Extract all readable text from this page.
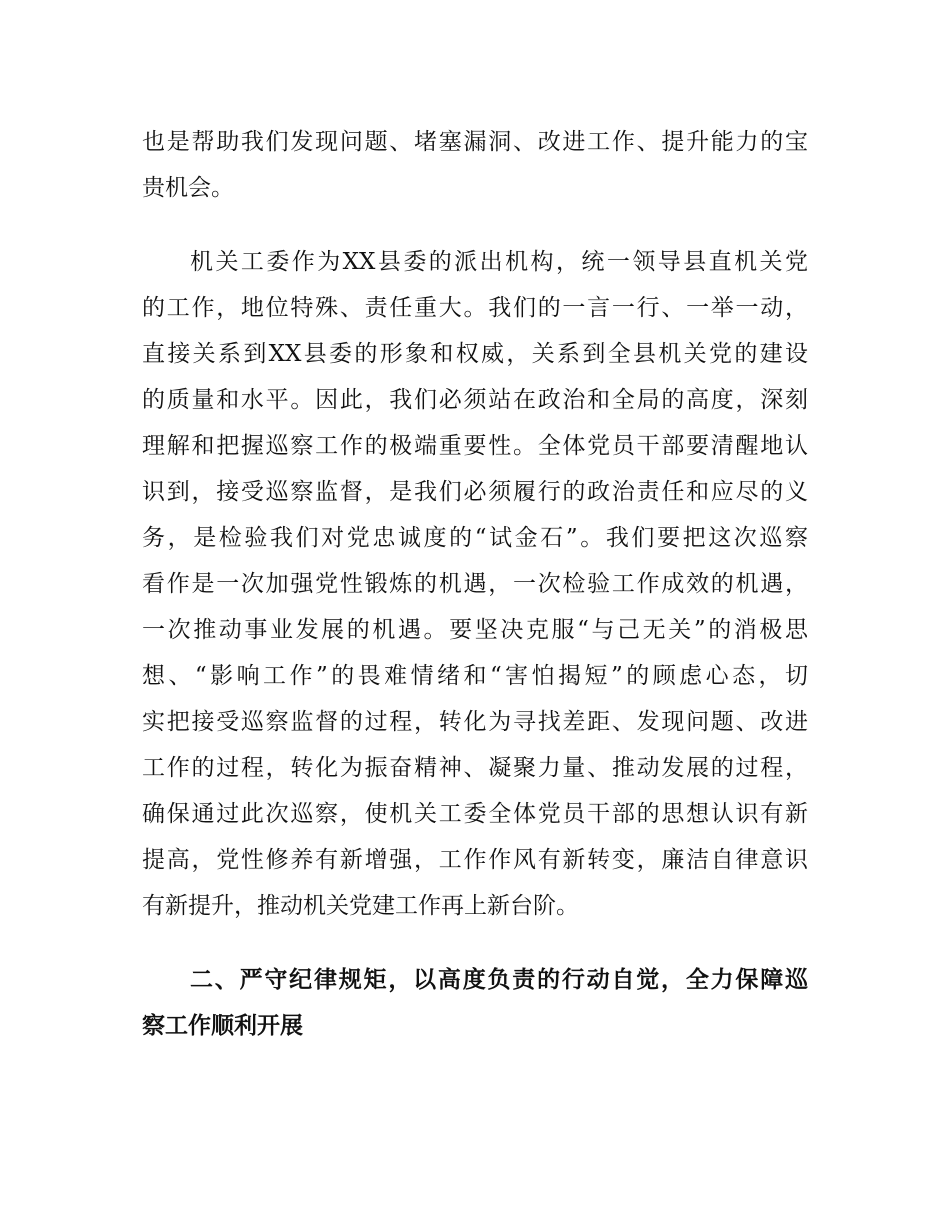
也是帮助我们发现问题、堵塞漏洞、改进工作、提升能力的宝
贵机会。
机关工委作为XX县委的派出机构，统一领导县直机关党
的工作，地位特殊、责任重大。我们的一言一行、一举一动，
直接关系到XX县委的形象和权威，关系到全县机关党的建设
的质量和水平。因此，我们必须站在政治和全局的高度，深刻
理解和把握巡察工作的极端重要性。全体党员干部要清醒地认
识到，接受巡察监督，是我们必须履行的政治责任和应尽的义
务，是检验我们对党忠诚度的“试金石”。我们要把这次巡察
看作是一次加强党性锻炼的机遇，一次检验工作成效的机遇，
一次推动事业发展的机遇。要坚决克服“与己无关”的消极思
想、“影响工作”的畏难情绪和“害怕揭短”的顾虑心态，切
实把接受巡察监督的过程，转化为寻找差距、发现问题、改进
工作的过程，转化为振奋精神、凝聚力量、推动发展的过程，
确保通过此次巡察，使机关工委全体党员干部的思想认识有新
提高，党性修养有新增强，工作作风有新转变，廉洁自律意识
有新提升，推动机关党建工作再上新台阶。
二、严守纪律规矩，以高度负责的行动自觉，全力保障巡
察工作顺利开展
